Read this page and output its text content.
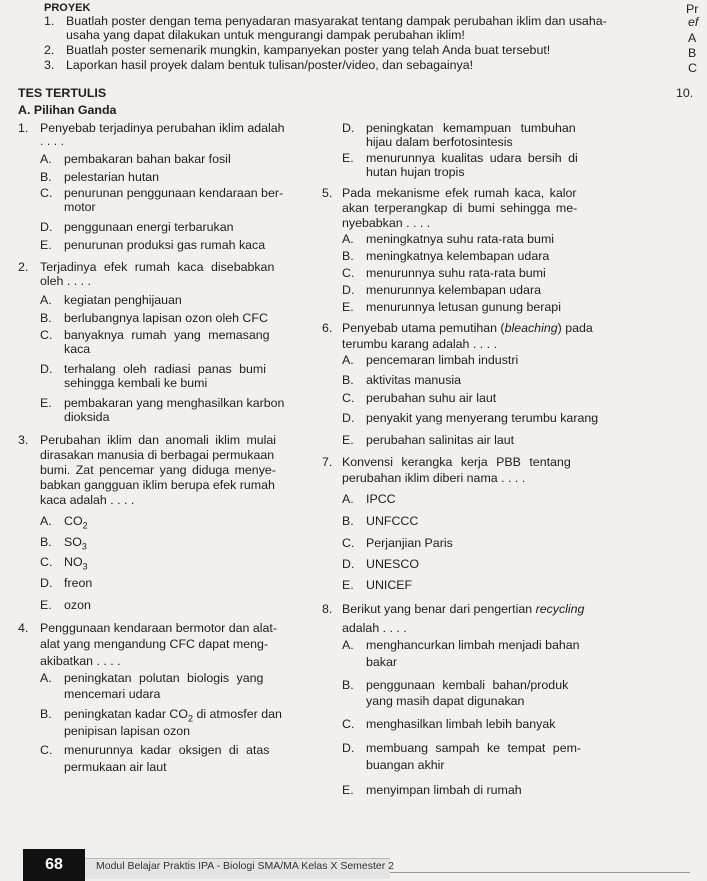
PROYEK
1. Buatlah poster dengan tema penyadaran masyarakat tentang dampak perubahan iklim dan usaha-
usaha yang dapat dilakukan untuk mengurangi dampak perubahan iklim!
2. Buatlah poster semenarik mungkin, kampanyekan poster yang telah Anda buat tersebut!
3. Laporkan hasil proyek dalam bentuk tulisan/poster/video, dan sebagainya!
Pr
ef
A
B
C
TES TERTULIS	10.
A. Pilihan Ganda
1. Penyebab terjadinya perubahan iklim adalah
. . . .
A. pembakaran bahan bakar fosil
B. pelestarian hutan
C. penurunan penggunaan kendaraan ber-
motor
D. penggunaan energi terbarukan
E. penurunan produksi gas rumah kaca
2. Terjadinya efek rumah kaca disebabkan
oleh . . . .
A. kegiatan penghijauan
B. berlubangnya lapisan ozon oleh CFC
C. banyaknya rumah yang memasang
kaca
D. terhalang oleh radiasi panas bumi
sehingga kembali ke bumi
E. pembakaran yang menghasilkan karbon
dioksida
3. Perubahan iklim dan anomali iklim mulai
dirasakan manusia di berbagai permukaan
bumi. Zat pencemar yang diduga menye-
babkan gangguan iklim berupa efek rumah
kaca adalah . . . .
A. $CO_2$
B. $SO_3$
C. $NO_3$
D. freon
E. ozon
4. Penggunaan kendaraan bermotor dan alat-
alat yang mengandung CFC dapat meng-
akibatkan . . . .
A. peningkatan polutan biologis yang
mencemari udara
B. peningkatan kadar $CO_2$ di atmosfer dan
penipisan lapisan ozon
C. menurunnya kadar oksigen di atas
permukaan air laut
D. peningkatan kemampuan tumbuhan
hijau dalam berfotosintesis
E. menurunnya kualitas udara bersih di
hutan hujan tropis
5. Pada mekanisme efek rumah kaca, kalor
akan terperangkap di bumi sehingga me-
nyebabkan . . . .
A. meningkatnya suhu rata-rata bumi
B. meningkatnya kelembapan udara
C. menurunnya suhu rata-rata bumi
D. menurunnya kelembapan udara
E. menurunnya letusan gunung berapi
6. Penyebab utama pemutihan (bleaching) pada
terumbu karang adalah . . . .
A. pencemaran limbah industri
B. aktivitas manusia
C. perubahan suhu air laut
D. penyakit yang menyerang terumbu karang
E. perubahan salinitas air laut
7. Konvensi kerangka kerja PBB tentang
perubahan iklim diberi nama . . . .
A. IPCC
B. UNFCCC
C. Perjanjian Paris
D. UNESCO
E. UNICEF
8. Berikut yang benar dari pengertian recycling
adalah . . . .
A. menghancurkan limbah menjadi bahan
bakar
B. penggunaan kembali bahan/produk
yang masih dapat digunakan
C. menghasilkan limbah lebih banyak
D. membuang sampah ke tempat pem-
buangan akhir
E. menyimpan limbah di rumah
68	Modul Belajar Praktis IPA - Biologi SMA/MA Kelas X Semester 2
